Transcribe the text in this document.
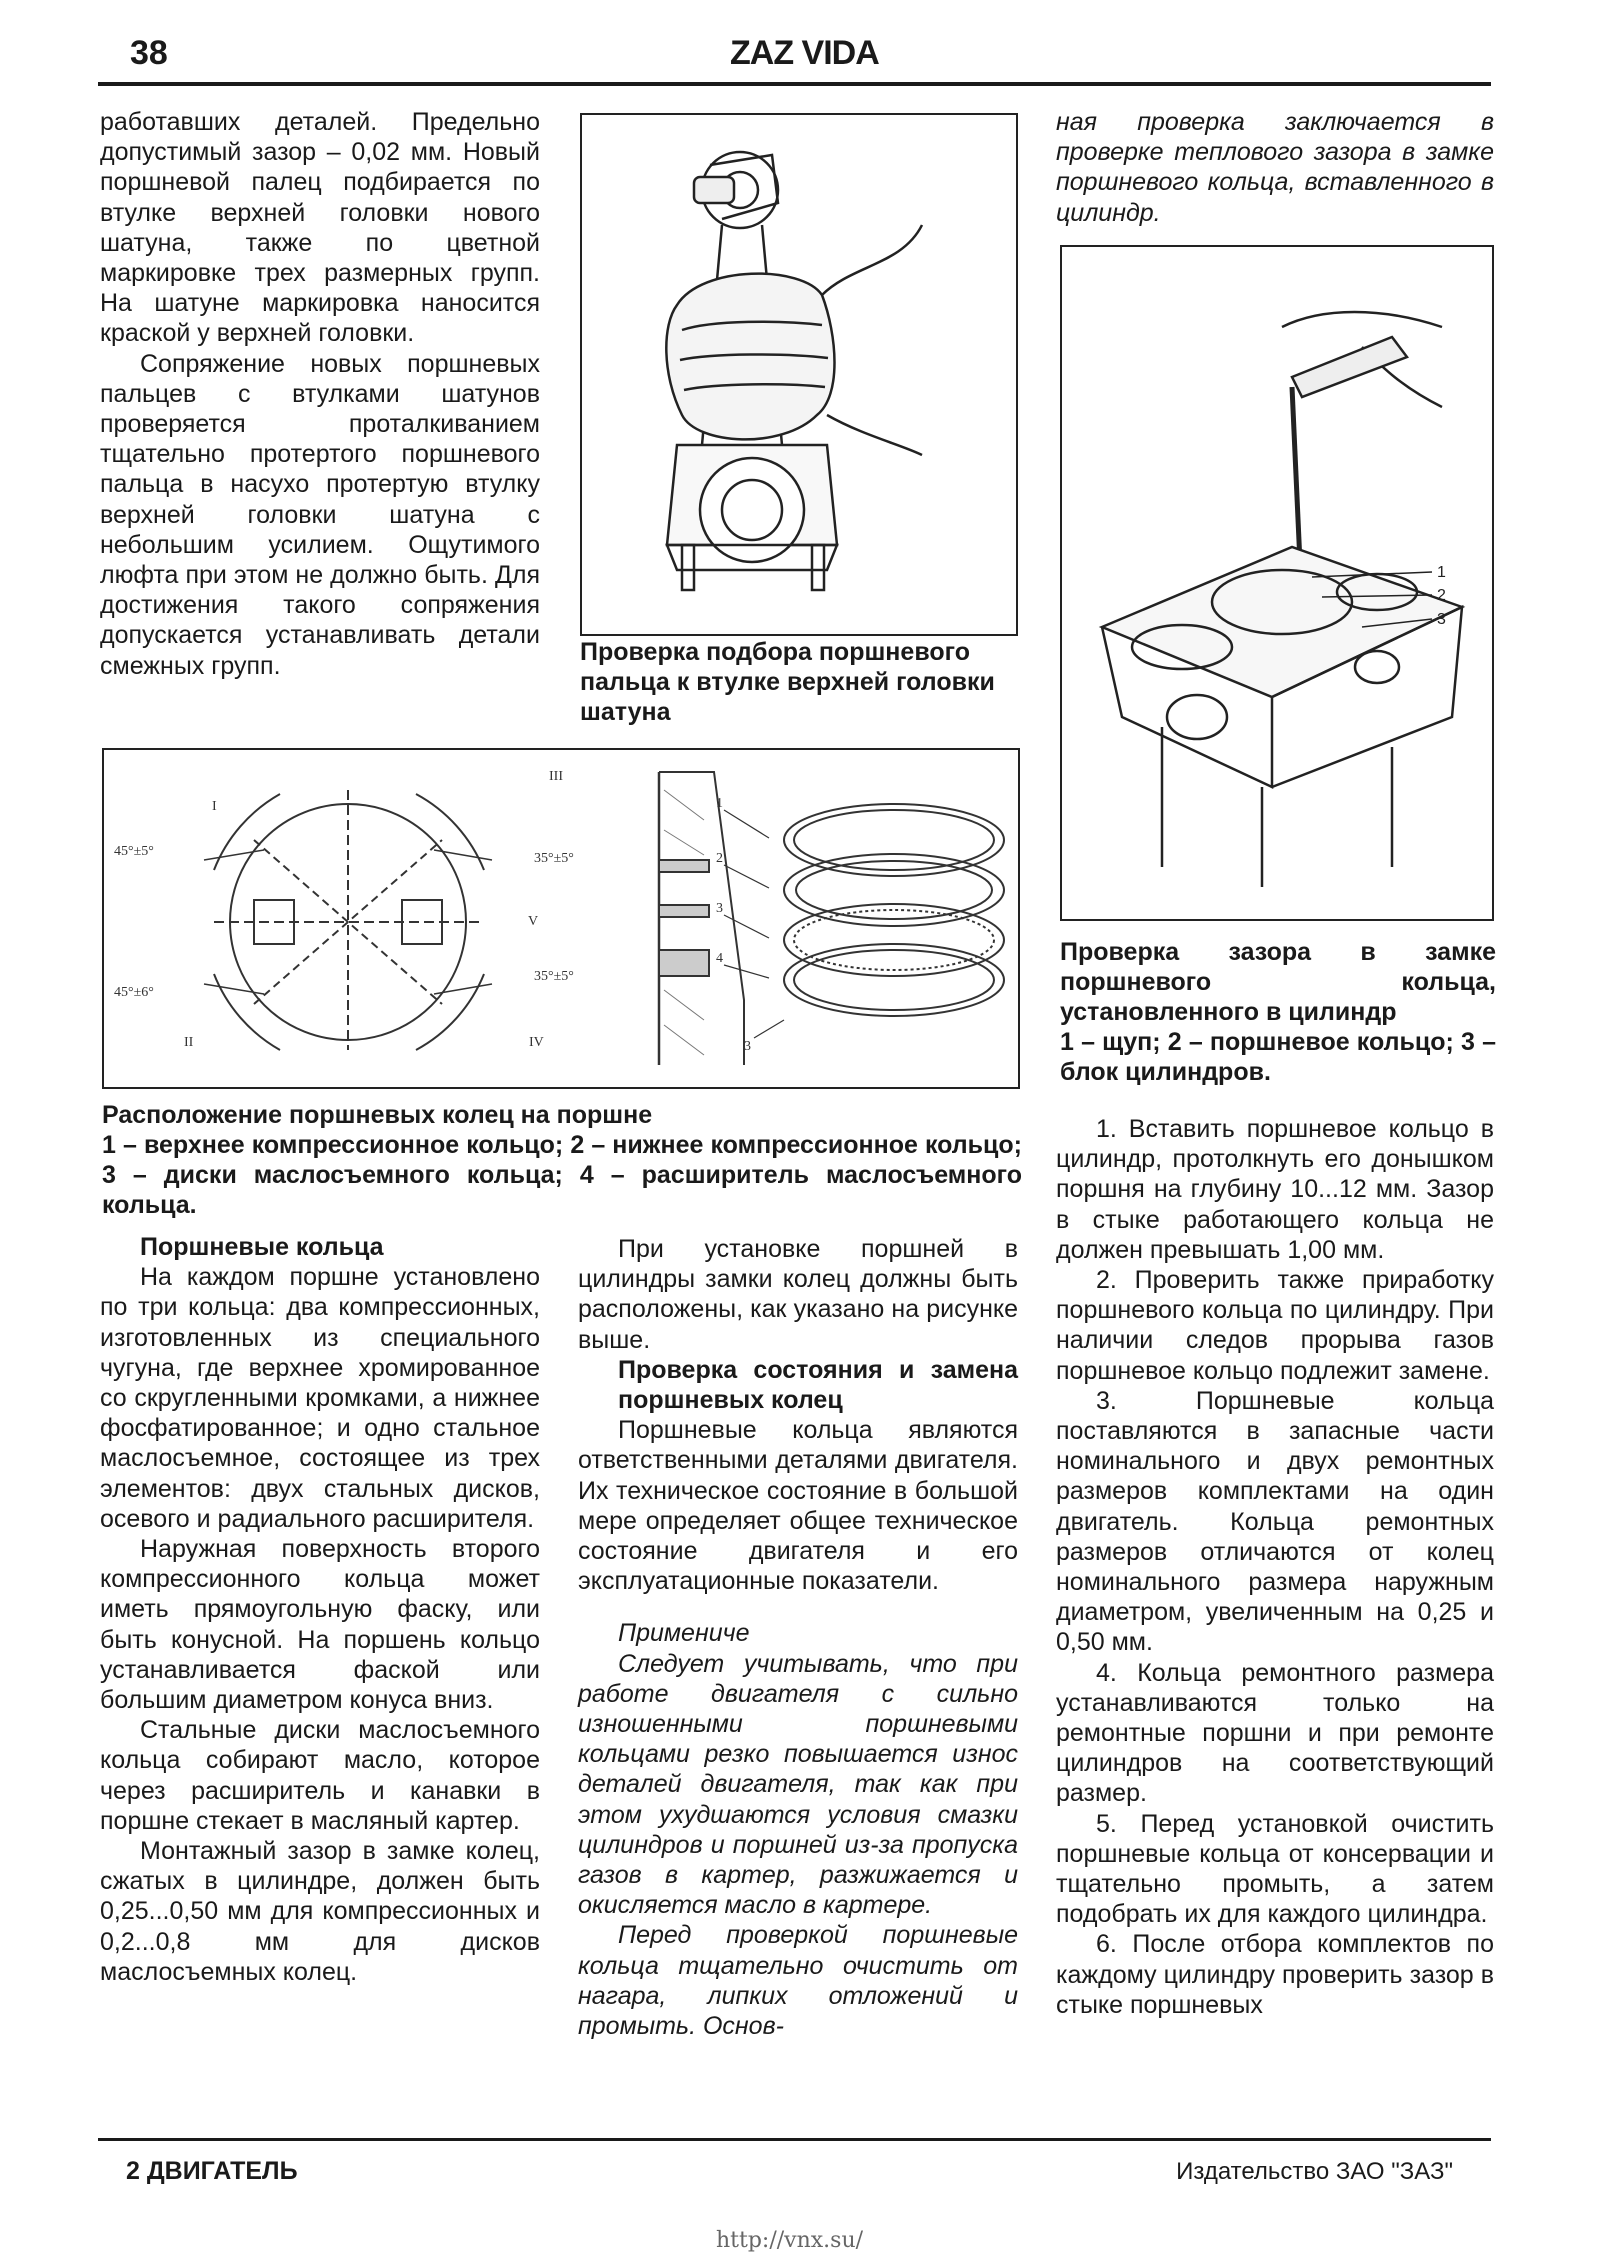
38	ZAZ VIDA

работавших деталей. Предельно допустимый зазор – 0,02 мм. Новый поршневой палец подбирается по втулке верхней головки нового шатуна, также по цветной маркировке трех размерных групп. На шатуне маркировка наносится краской у верхней головки.

Сопряжение новых поршневых пальцев с втулками шатунов проверяется проталкиванием тщательно протертого поршневого пальца в насухо протертую втулку верхней головки шатуна с небольшим усилием. Ощутимого люфта при этом не должно быть. Для достижения такого сопряжения допускается устанавливать детали смежных групп.	Проверка подбора поршневого пальца к втулке верхней головки шатуна
ная проверка заключается в проверке теплового зазора в замке поршневого кольца, вставленного в цилиндр.
1
2
3
Проверка зазора в замке поршневого кольца, установленного в цилиндр
1 – щуп; 2 – поршневое кольцо; 3 – блок цилиндров.
I
II
III
IV
V
45°±5°
45°±6°
35°±5°
35°±5°
1
2
3
4
3
Расположение поршневых колец на поршне
1 – верхнее компрессионное кольцо; 2 – нижнее компрессионное кольцо; 3 – диски маслосъемного кольца; 4 – расширитель маслосъемного кольца.
Поршневые кольца

На каждом поршне установлено по три кольца: два компрессионных, изготовленных из специального чугуна, где верхнее хромированное со скругленными кромками, а нижнее фосфатированное; и одно стальное маслосъемное, состоящее из трех элементов: двух стальных дисков, осевого и радиального расширителя.

Наружная поверхность второго компрессионного кольца может иметь прямоугольную фаску, или быть конусной. На поршень кольцо устанавливается фаской или большим диаметром конуса вниз.

Стальные диски маслосъемного кольца собирают масло, которое через расширитель и канавки в поршне стекает в масляный картер.

Монтажный зазор в замке колец, сжатых в цилиндре, должен быть 0,25...0,50 мм для компрессионных и 0,2...0,8 мм для дисков маслосъемных колец.

При установке поршней в цилиндры замки колец должны быть расположены, как указано на рисунке выше.

Проверка состояния и замена поршневых колец

Поршневые кольца являются ответственными деталями двигателя. Их техническое состояние в большой мере определяет общее техническое состояние двигателя и его эксплуатационные показатели.

Примениче

Следует учитывать, что при работе двигателя с сильно изношенными поршневыми кольцами резко повышается износ деталей двигателя, так как при этом ухудшаются условия смазки цилиндров и поршней из-за пропуска газов в картер, разжижается и окисляется масло в картере.

Перед проверкой поршневые кольца тщательно очистить от нагара, липких отложений и промыть. Основ-

1. Вставить поршневое кольцо в цилиндр, протолкнуть его донышком поршня на глубину 10...12 мм. Зазор в стыке работающего кольца не должен превышать 1,00 мм.

2. Проверить также приработку поршневого кольца по цилиндру. При наличии следов прорыва газов поршневое кольцо подлежит замене.

3. Поршневые кольца поставляются в запасные части номинального и двух ремонтных размеров комплектами на один двигатель. Кольца ремонтных размеров отличаются от колец номинального размера наружным диаметром, увеличенным на 0,25 и 0,50 мм.

4. Кольца ремонтного размера устанавливаются только на ремонтные поршни и при ремонте цилиндров на соответствующий размер.

5. Перед установкой очистить поршневые кольца от консервации и тщательно промыть, а затем подобрать их для каждого цилиндра.

6. После отбора комплектов по каждому цилиндру проверить зазор в стыке поршневых

2 ДВИГАТЕЛЬ	Издательство ЗАО "ЗАЗ"
http://vnx.su/
